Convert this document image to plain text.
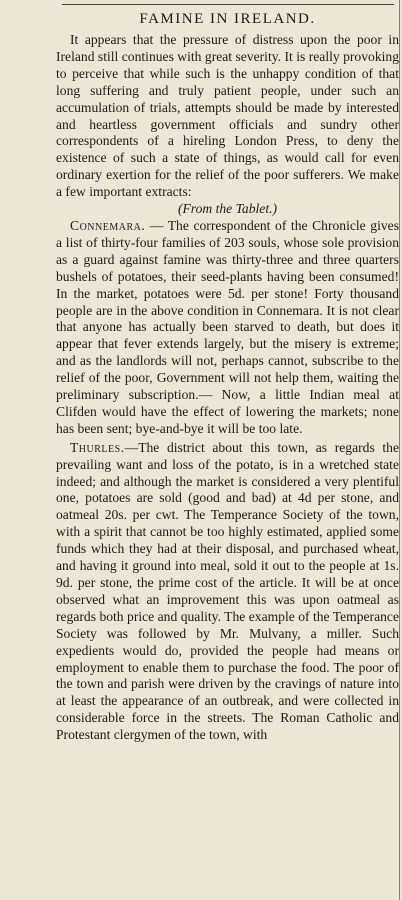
FAMINE IN IRELAND.

It appears that the pressure of distress upon the poor in Ireland still continues with great severity. It is really provoking to perceive that while such is the unhappy condition of that long suffering and truly patient people, under such an accumulation of trials, attempts should be made by interested and heartless government officials and sundry other correspondents of a hireling London Press, to deny the existence of such a state of things, as would call for even ordinary exertion for the relief of the poor sufferers. We make a few important extracts:

(From the Tablet.)

Connemara. — The correspondent of the Chronicle gives a list of thirty-four families of 203 souls, whose sole provision as a guard against famine was thirty-three and three quarters bushels of potatoes, their seed-plants having been consumed! In the market, potatoes were 5d. per stone! Forty thousand people are in the above condition in Connemara. It is not clear that anyone has actually been starved to death, but does it appear that fever extends largely, but the misery is extreme; and as the landlords will not, perhaps cannot, subscribe to the relief of the poor, Government will not help them, waiting the preliminary subscription.— Now, a little Indian meal at Clifden would have the effect of lowering the markets; none has been sent; bye-and-bye it will be too late.

Thurles.—The district about this town, as regards the prevailing want and loss of the potato, is in a wretched state indeed; and although the market is considered a very plentiful one, potatoes are sold (good and bad) at 4d per stone, and oatmeal 20s. per cwt. The Temperance Society of the town, with a spirit that cannot be too highly estimated, applied some funds which they had at their disposal, and purchased wheat, and having it ground into meal, sold it out to the people at 1s. 9d. per stone, the prime cost of the article. It will be at once observed what an improvement this was upon oatmeal as regards both price and quality. The example of the Temperance Society was followed by Mr. Mulvany, a miller. Such expedients would do, provided the people had means or employment to enable them to purchase the food. The poor of the town and parish were driven by the cravings of nature into at least the appearance of an outbreak, and were collected in considerable force in the streets. The Roman Catholic and Protestant clergymen of the town, with
